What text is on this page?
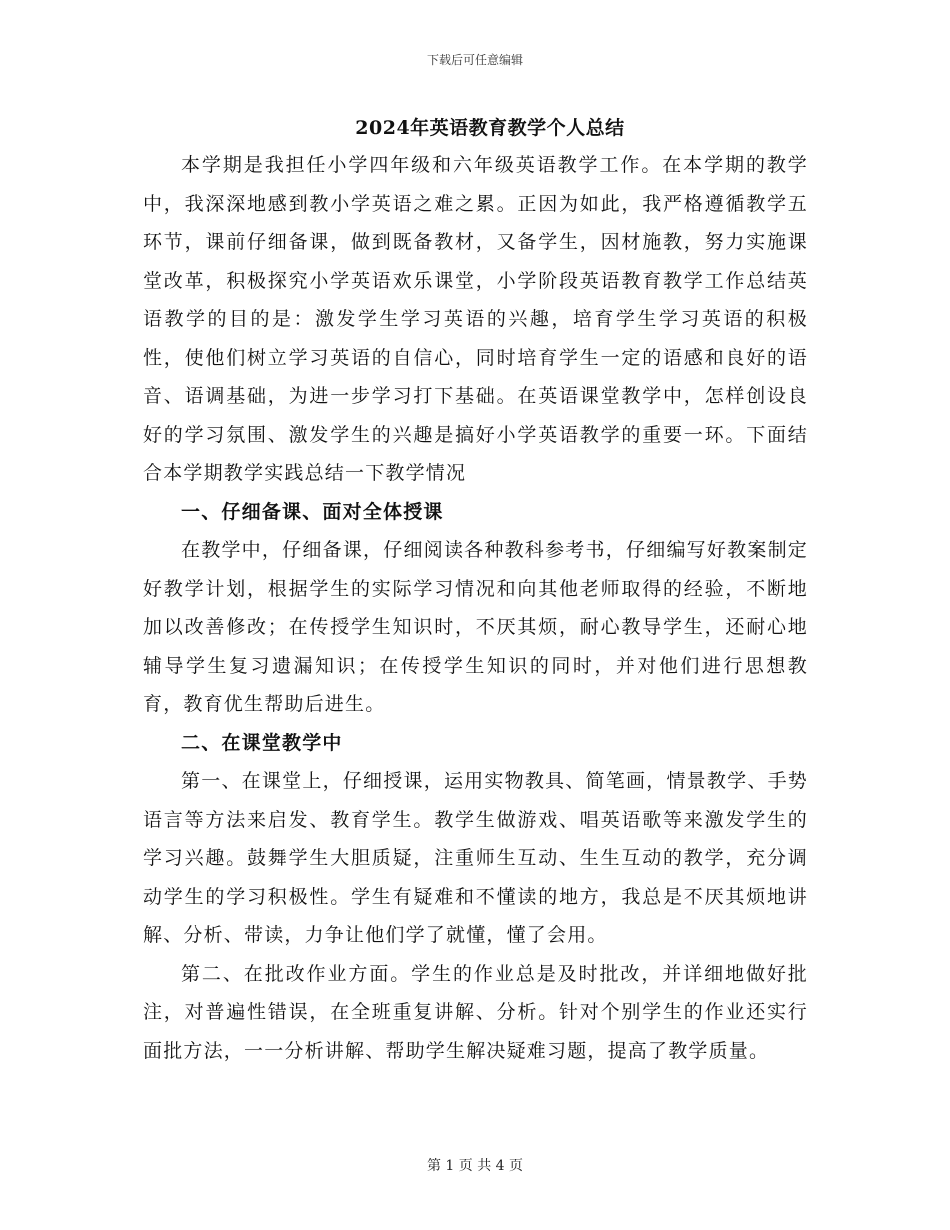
下载后可任意编辑
2024年英语教育教学个人总结

本学期是我担任小学四年级和六年级英语教学工作。在本学期的教学中，我深深地感到教小学英语之难之累。正因为如此，我严格遵循教学五环节，课前仔细备课，做到既备教材，又备学生，因材施教，努力实施课堂改革，积极探究小学英语欢乐课堂，小学阶段英语教育教学工作总结英语教学的目的是：激发学生学习英语的兴趣，培育学生学习英语的积极性，使他们树立学习英语的自信心，同时培育学生一定的语感和良好的语音、语调基础，为进一步学习打下基础。在英语课堂教学中，怎样创设良好的学习氛围、激发学生的兴趣是搞好小学英语教学的重要一环。下面结合本学期教学实践总结一下教学情况

一、仔细备课、面对全体授课

在教学中，仔细备课，仔细阅读各种教科参考书，仔细编写好教案制定好教学计划，根据学生的实际学习情况和向其他老师取得的经验，不断地加以改善修改；在传授学生知识时，不厌其烦，耐心教导学生，还耐心地辅导学生复习遗漏知识；在传授学生知识的同时，并对他们进行思想教育，教育优生帮助后进生。

二、在课堂教学中

第一、在课堂上，仔细授课，运用实物教具、简笔画，情景教学、手势语言等方法来启发、教育学生。教学生做游戏、唱英语歌等来激发学生的学习兴趣。鼓舞学生大胆质疑，注重师生互动、生生互动的教学，充分调动学生的学习积极性。学生有疑难和不懂读的地方，我总是不厌其烦地讲解、分析、带读，力争让他们学了就懂，懂了会用。

第二、在批改作业方面。学生的作业总是及时批改，并详细地做好批注，对普遍性错误，在全班重复讲解、分析。针对个别学生的作业还实行面批方法，一一分析讲解、帮助学生解决疑难习题，提高了教学质量。

第 1 页 共 4 页
